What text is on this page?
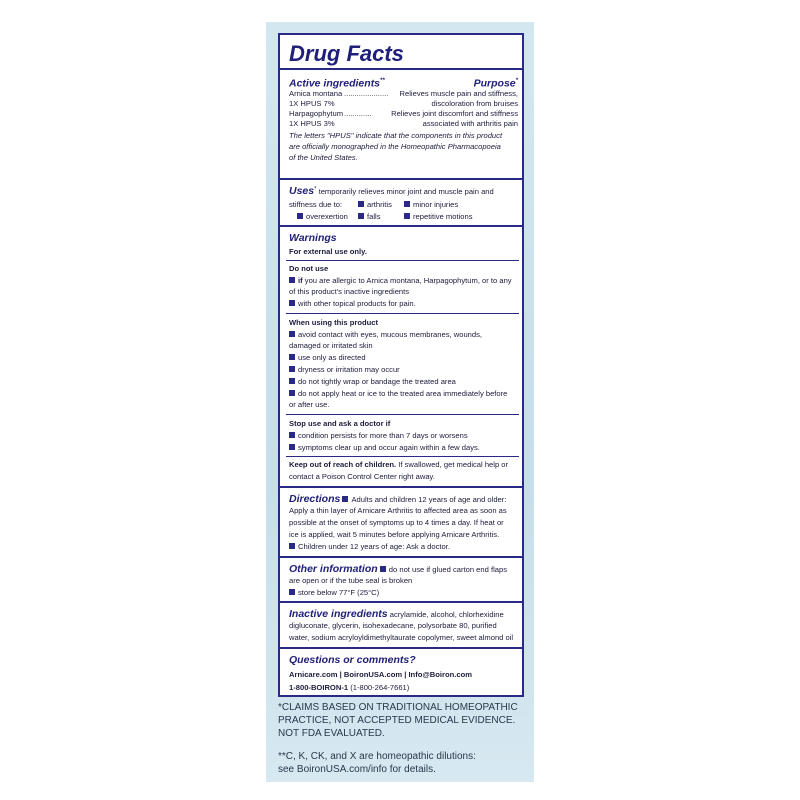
Drug Facts
Active ingredients**	Purpose*
Arnica montana ..................... Relieves muscle pain and stiffness,
1X HPUS 7%	discoloration from bruises
Harpagophytum .............	Relieves joint discomfort and stiffness
1X HPUS 3%	associated with arthritis pain
The letters "HPUS" indicate that the components in this product
are officially monographed in the Homeopathic Pharmacopoeia
of the United States.
Uses* temporarily relieves minor joint and muscle pain and
stiffness due to:	arthritis	minor injuries
overexertion	falls	repetitive motions
Warnings
For external use only.
Do not use
if you are allergic to Arnica montana, Harpagophytum, or to any
of this product's inactive ingredients
with other topical products for pain.
When using this product
avoid contact with eyes, mucous membranes, wounds,
damaged or irritated skin
use only as directed
dryness or irritation may occur
do not tightly wrap or bandage the treated area
do not apply heat or ice to the treated area immediately before
or after use.
Stop use and ask a doctor if
condition persists for more than 7 days or worsens
symptoms clear up and occur again within a few days.
Keep out of reach of children. If swallowed, get medical help or
contact a Poison Control Center right away.
Directions Adults and children 12 years of age and older:
Apply a thin layer of Arnicare Arthritis to affected area as soon as
possible at the onset of symptoms up to 4 times a day. If heat or
ice is applied, wait 5 minutes before applying Arnicare Arthritis.
Children under 12 years of age: Ask a doctor.
Other information do not use if glued carton end flaps
are open or if the tube seal is broken
store below 77°F (25°C)
Inactive ingredients acrylamide, alcohol, chlorhexidine
digluconate, glycerin, isohexadecane, polysorbate 80, purified
water, sodium acryloyldimethyltaurate copolymer, sweet almond oil
Questions or comments?
Arnicare.com | BoironUSA.com | Info@Boiron.com
1-800-BOIRON-1 (1-800-264-7661)
*CLAIMS BASED ON TRADITIONAL HOMEOPATHIC
PRACTICE, NOT ACCEPTED MEDICAL EVIDENCE.
NOT FDA EVALUATED.
**C, K, CK, and X are homeopathic dilutions:
see BoironUSA.com/info for details.
